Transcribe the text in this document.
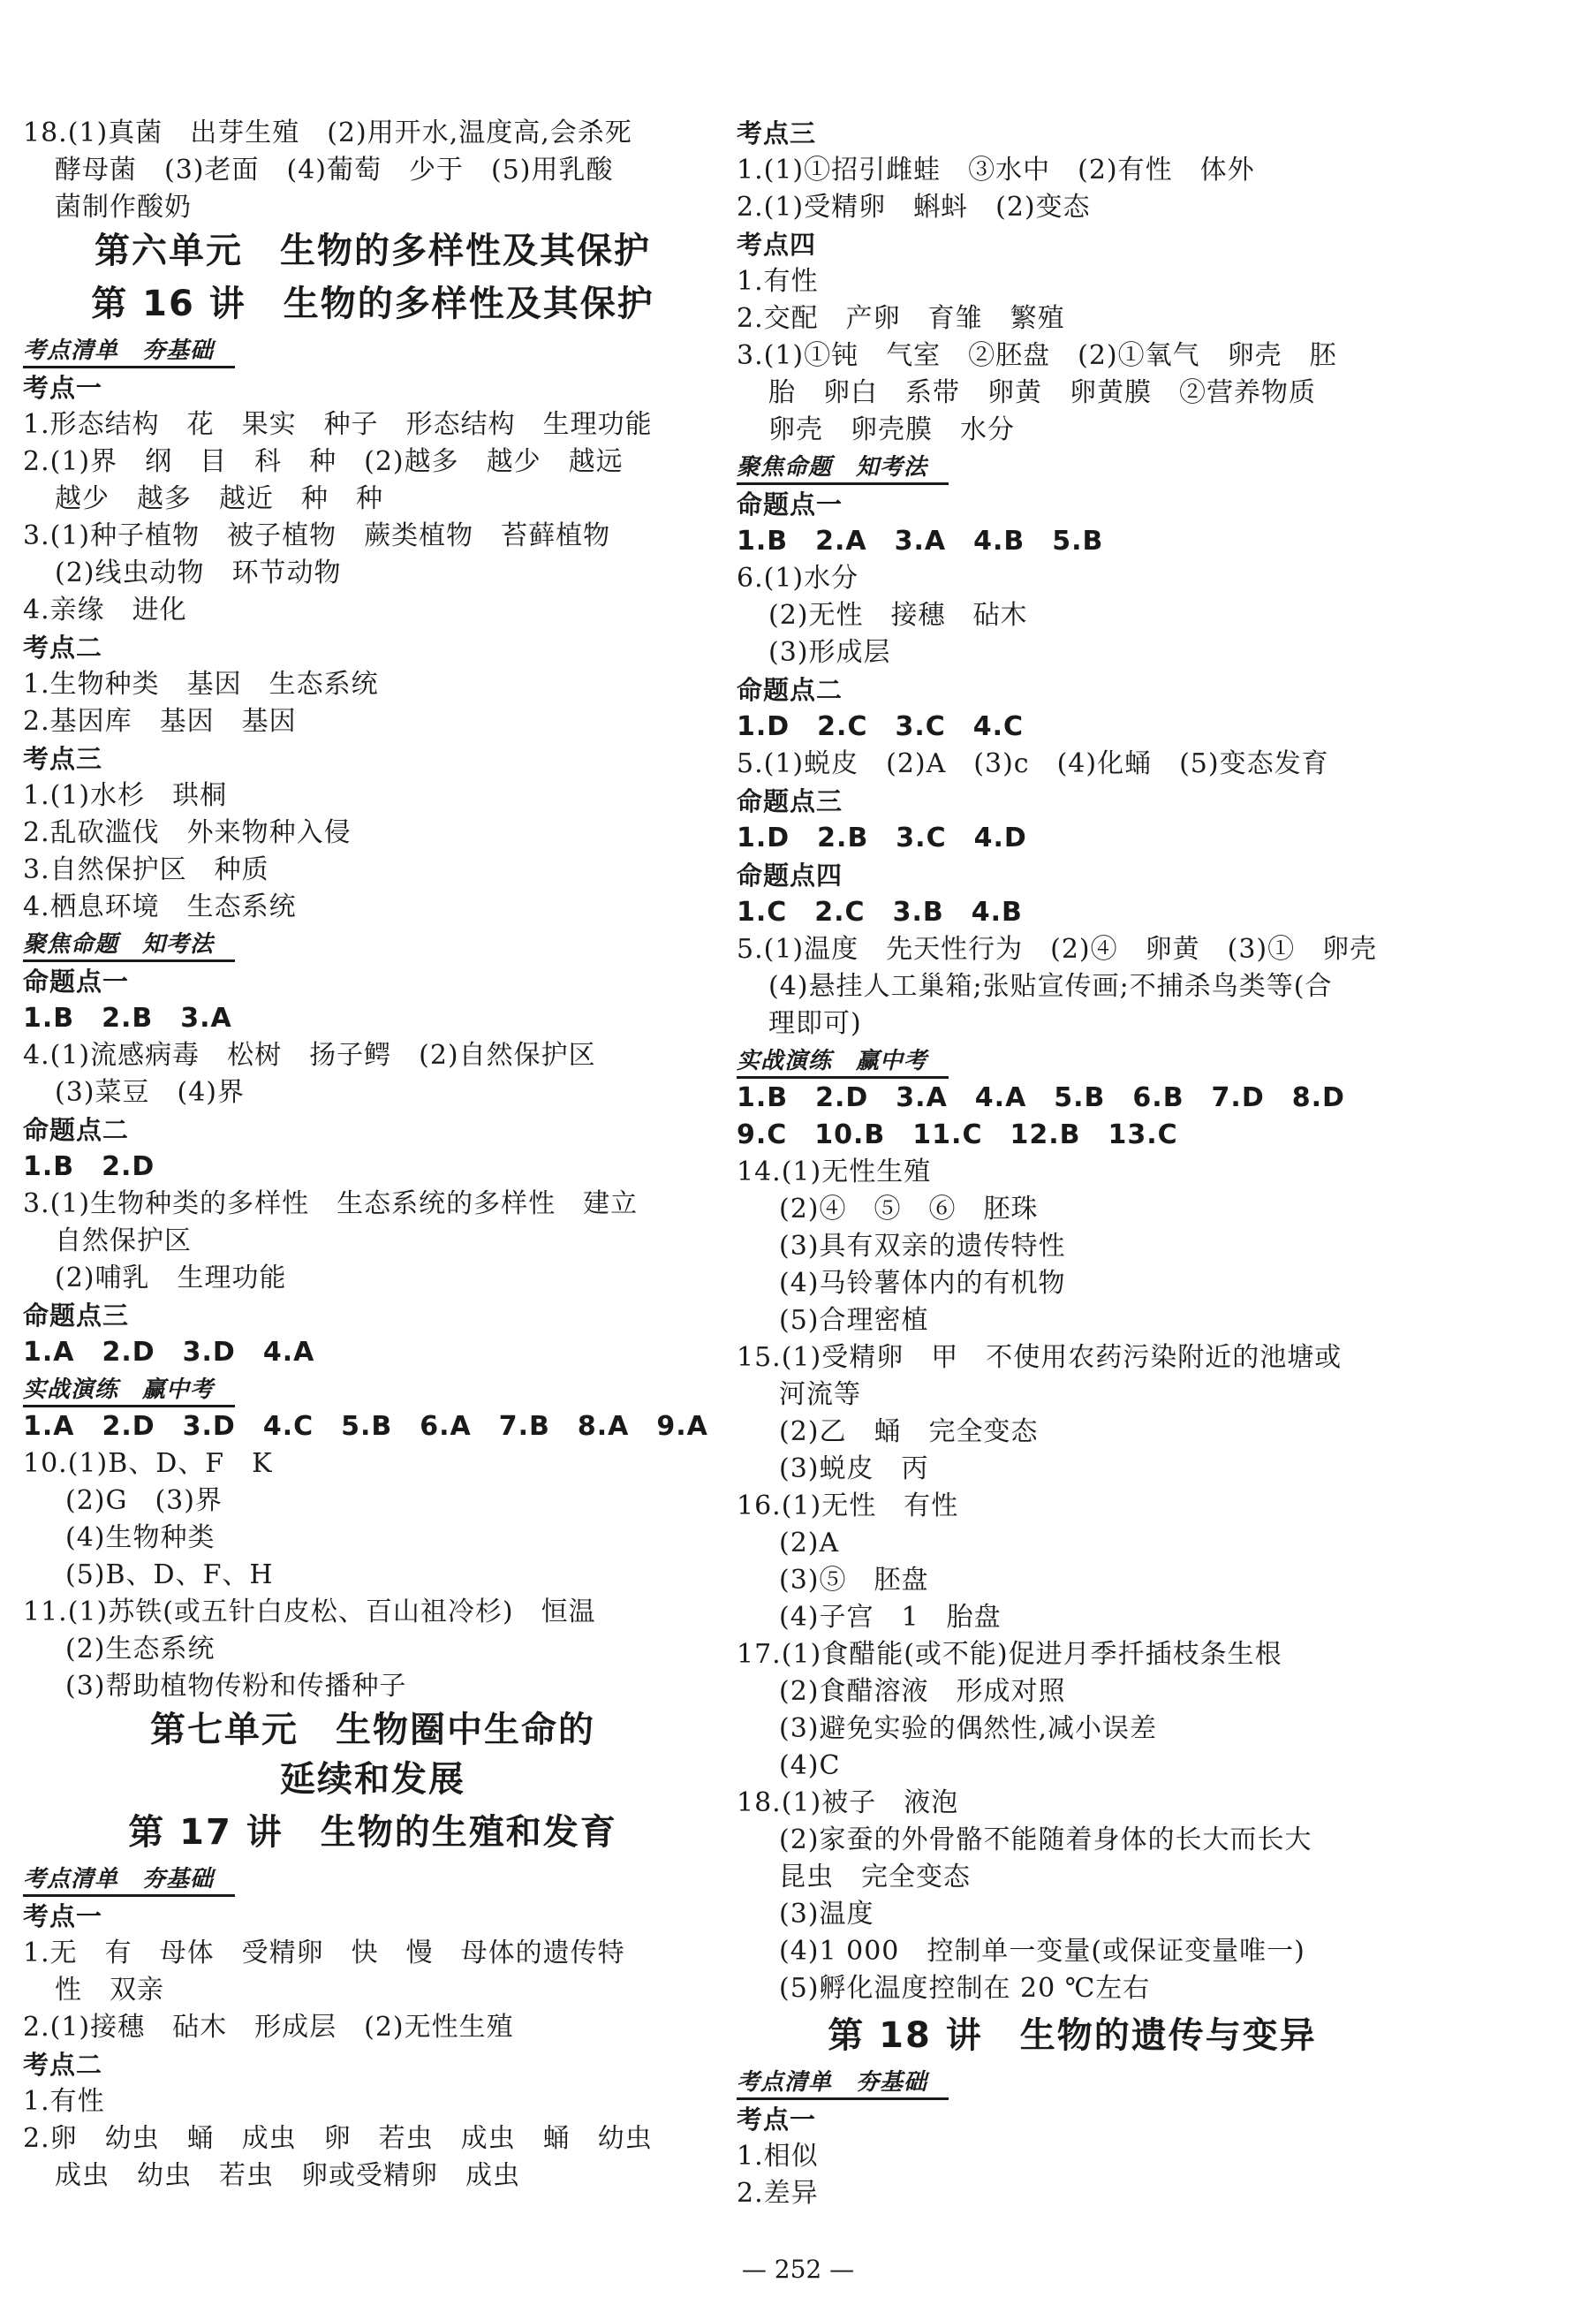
18.(1)真菌　出芽生殖　(2)用开水,温度高,会杀死
酵母菌　(3)老面　(4)葡萄　少于　(5)用乳酸
菌制作酸奶
第六单元　生物的多样性及其保护
第 16 讲　生物的多样性及其保护
考点清单　夯基础
考点一
1.形态结构　花　果实　种子　形态结构　生理功能
2.(1)界　纲　目　科　种　(2)越多　越少　越远
越少　越多　越近　种　种
3.(1)种子植物　被子植物　蕨类植物　苔藓植物
(2)线虫动物　环节动物
4.亲缘　进化
考点二
1.生物种类　基因　生态系统
2.基因库　基因　基因
考点三
1.(1)水杉　珙桐
2.乱砍滥伐　外来物种入侵
3.自然保护区　种质
4.栖息环境　生态系统
聚焦命题　知考法
命题点一
1.B　2.B　3.A
4.(1)流感病毒　松树　扬子鳄　(2)自然保护区
(3)菜豆　(4)界
命题点二
1.B　2.D
3.(1)生物种类的多样性　生态系统的多样性　建立
自然保护区
(2)哺乳　生理功能
命题点三
1.A　2.D　3.D　4.A
实战演练　赢中考
1.A　2.D　3.D　4.C　5.B　6.A　7.B　8.A　9.A
10.(1)B、D、F　K
(2)G　(3)界
(4)生物种类
(5)B、D、F、H
11.(1)苏铁(或五针白皮松、百山祖冷杉)　恒温
(2)生态系统
(3)帮助植物传粉和传播种子
第七单元　生物圈中生命的
延续和发展
第 17 讲　生物的生殖和发育
考点清单　夯基础
考点一
1.无　有　母体　受精卵　快　慢　母体的遗传特
性　双亲
2.(1)接穗　砧木　形成层　(2)无性生殖
考点二
1.有性
2.卵　幼虫　蛹　成虫　卵　若虫　成虫　蛹　幼虫
成虫　幼虫　若虫　卵或受精卵　成虫
考点三
1.(1)①招引雌蛙　③水中　(2)有性　体外
2.(1)受精卵　蝌蚪　(2)变态
考点四
1.有性
2.交配　产卵　育雏　繁殖
3.(1)①钝　气室　②胚盘　(2)①氧气　卵壳　胚
胎　卵白　系带　卵黄　卵黄膜　②营养物质
卵壳　卵壳膜　水分
聚焦命题　知考法
命题点一
1.B　2.A　3.A　4.B　5.B
6.(1)水分
(2)无性　接穗　砧木
(3)形成层
命题点二
1.D　2.C　3.C　4.C
5.(1)蜕皮　(2)A　(3)c　(4)化蛹　(5)变态发育
命题点三
1.D　2.B　3.C　4.D
命题点四
1.C　2.C　3.B　4.B
5.(1)温度　先天性行为　(2)④　卵黄　(3)①　卵壳
(4)悬挂人工巢箱;张贴宣传画;不捕杀鸟类等(合
理即可)
实战演练　赢中考
1.B　2.D　3.A　4.A　5.B　6.B　7.D　8.D
9.C　10.B　11.C　12.B　13.C
14.(1)无性生殖
(2)④　⑤　⑥　胚珠
(3)具有双亲的遗传特性
(4)马铃薯体内的有机物
(5)合理密植
15.(1)受精卵　甲　不使用农药污染附近的池塘或
河流等
(2)乙　蛹　完全变态
(3)蜕皮　丙
16.(1)无性　有性
(2)A
(3)⑤　胚盘
(4)子宫　1　胎盘
17.(1)食醋能(或不能)促进月季扦插枝条生根
(2)食醋溶液　形成对照
(3)避免实验的偶然性,减小误差
(4)C
18.(1)被子　液泡
(2)家蚕的外骨骼不能随着身体的长大而长大
昆虫　完全变态
(3)温度
(4)1 000　控制单一变量(或保证变量唯一)
(5)孵化温度控制在 20 ℃左右
第 18 讲　生物的遗传与变异
考点清单　夯基础
考点一
1.相似
2.差异
— 252 —
